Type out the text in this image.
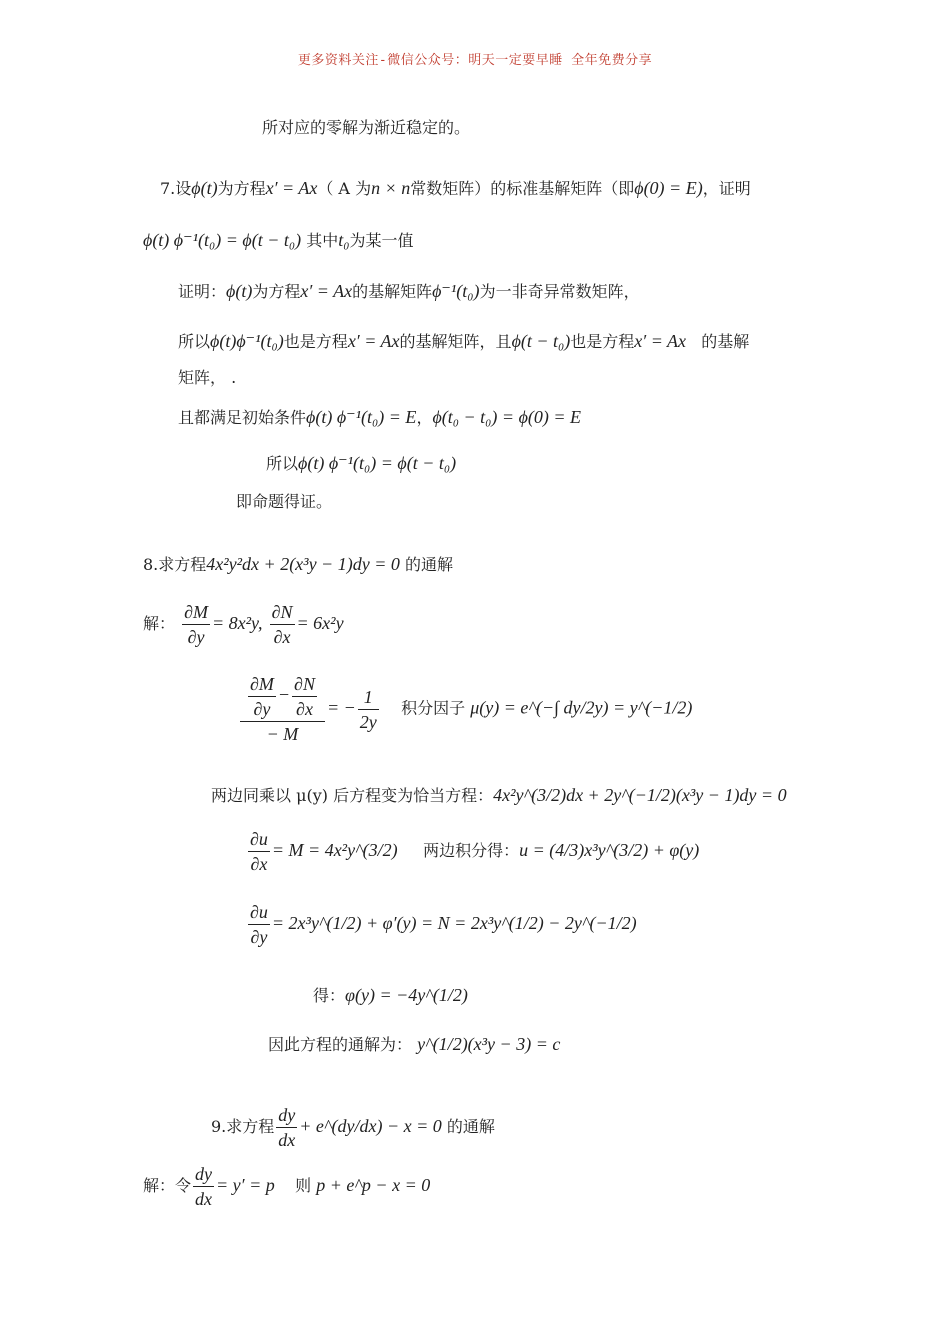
更多资料关注-微信公众号：明天一定要早睡 全年免费分享
所对应的零解为渐近稳定的。
7.设ϕ(t)为方程x′ = Ax（ A 为n × n常数矩阵）的标准基解矩阵（即ϕ(0) = E)，证明
ϕ(t) ϕ⁻¹(t₀) = ϕ(t − t₀) 其中t₀为某一值
证明：ϕ(t)为方程x′ = Ax的基解矩阵ϕ⁻¹(t₀)为一非奇异常数矩阵，
所以ϕ(t)ϕ⁻¹(t₀)也是方程x′ = Ax的基解矩阵，且ϕ(t − t₀)也是方程x′ = Ax 的基解
矩阵， .
且都满足初始条件ϕ(t) ϕ⁻¹(t₀) = E，ϕ(t₀ − t₀) = ϕ(0) = E
所以ϕ(t) ϕ⁻¹(t₀) = ϕ(t − t₀)
即命题得证。
8.求方程4x²y²dx + 2(x³y − 1)dy = 0 的通解
解： $\frac{\partial M}{\partial y} = 8x^2y$, $\frac{\partial N}{\partial x} = 6x^2y$
$\frac{\frac{\partial M}{\partial y} - \frac{\partial N}{\partial x}}{- M}$ = − $\frac{1}{2y}$ 积分因子 μ(y) = e^(−∫ dy/2y) = y^(−1/2)
两边同乘以 μ(y) 后方程变为恰当方程：4x²y^(3/2)dx + 2y^(−1/2)(x³y − 1)dy = 0
$\frac{\partial u}{\partial x} = M$ = 4x²y^(3/2) 两边积分得：u = (4/3)x³y^(3/2) + φ(y)
$\frac{\partial u}{\partial y}$ = 2x³y^(1/2) + φ′(y) = N = 2x³y^(1/2) − 2y^(−1/2)
得：φ(y) = −4y^(1/2)
因此方程的通解为： y^(1/2)(x³y − 3) = c
9.求方程 $\frac{dy}{dx}$ + e^(dy/dx) − x = 0 的通解
解：令 $\frac{dy}{dx} = y' = p$ 则 p + e^p − x = 0
